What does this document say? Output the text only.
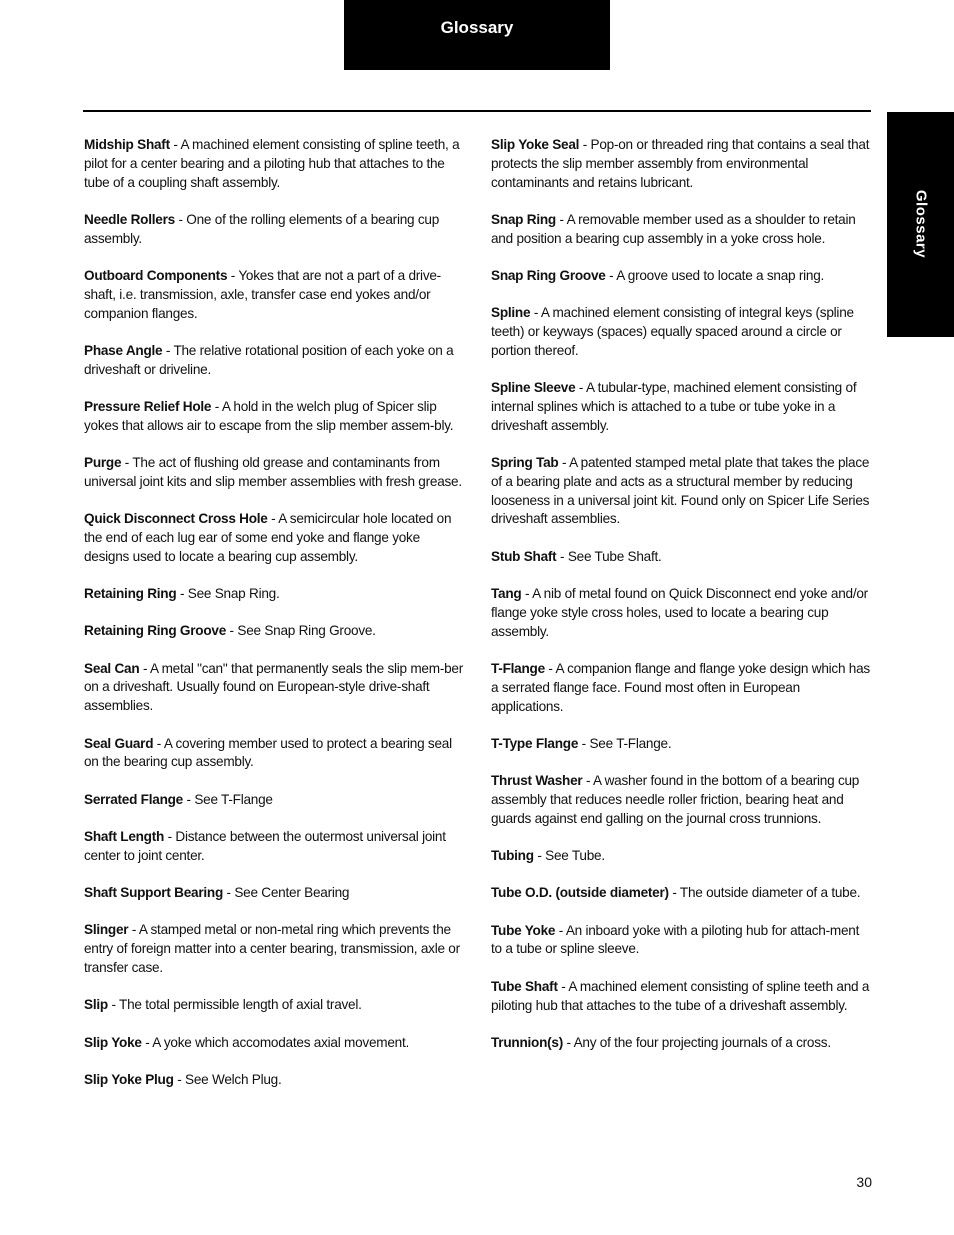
Glossary
Glossary

Midship Shaft - A machined element consisting of spline teeth, a pilot for a center bearing and a piloting hub that attaches to the tube of a coupling shaft assembly.

Needle Rollers - One of the rolling elements of a bearing cup assembly.

Outboard Components - Yokes that are not a part of a drive-shaft, i.e. transmission, axle, transfer case end yokes and/or companion flanges.

Phase Angle - The relative rotational position of each yoke on a driveshaft or driveline.

Pressure Relief Hole - A hold in the welch plug of Spicer slip yokes that allows air to escape from the slip member assem-bly.

Purge - The act of flushing old grease and contaminants from universal joint kits and slip member assemblies with fresh grease.

Quick Disconnect Cross Hole - A semicircular hole located on the end of each lug ear of some end yoke and flange yoke designs used to locate a bearing cup assembly.

Retaining Ring - See Snap Ring.

Retaining Ring Groove - See Snap Ring Groove.

Seal Can - A metal "can" that permanently seals the slip mem-ber on a driveshaft. Usually found on European-style drive-shaft assemblies.

Seal Guard - A covering member used to protect a bearing seal on the bearing cup assembly.

Serrated Flange - See T-Flange

Shaft Length - Distance between the outermost universal joint center to joint center.

Shaft Support Bearing - See Center Bearing

Slinger - A stamped metal or non-metal ring which prevents the entry of foreign matter into a center bearing, transmission, axle or transfer case.

Slip - The total permissible length of axial travel.

Slip Yoke - A yoke which accomodates axial movement.

Slip Yoke Plug - See Welch Plug.

Slip Yoke Seal - Pop-on or threaded ring that contains a seal that protects the slip member assembly from environmental contaminants and retains lubricant.

Snap Ring - A removable member used as a shoulder to retain and position a bearing cup assembly in a yoke cross hole.

Snap Ring Groove - A groove used to locate a snap ring.

Spline - A machined element consisting of integral keys (spline teeth) or keyways (spaces) equally spaced around a circle or portion thereof.

Spline Sleeve - A tubular-type, machined element consisting of internal splines which is attached to a tube or tube yoke in a driveshaft assembly.

Spring Tab - A patented stamped metal plate that takes the place of a bearing plate and acts as a structural member by reducing looseness in a universal joint kit. Found only on Spicer Life Series driveshaft assemblies.

Stub Shaft - See Tube Shaft.

Tang - A nib of metal found on Quick Disconnect end yoke and/or flange yoke style cross holes, used to locate a bearing cup assembly.

T-Flange - A companion flange and flange yoke design which has a serrated flange face. Found most often in European applications.

T-Type Flange - See T-Flange.

Thrust Washer - A washer found in the bottom of a bearing cup assembly that reduces needle roller friction, bearing heat and guards against end galling on the journal cross trunnions.

Tubing - See Tube.

Tube O.D. (outside diameter) - The outside diameter of a tube.

Tube Yoke - An inboard yoke with a piloting hub for attach-ment to a tube or spline sleeve.

Tube Shaft - A machined element consisting of spline teeth and a piloting hub that attaches to the tube of a driveshaft assembly.

Trunnion(s) - Any of the four projecting journals of a cross.

30
